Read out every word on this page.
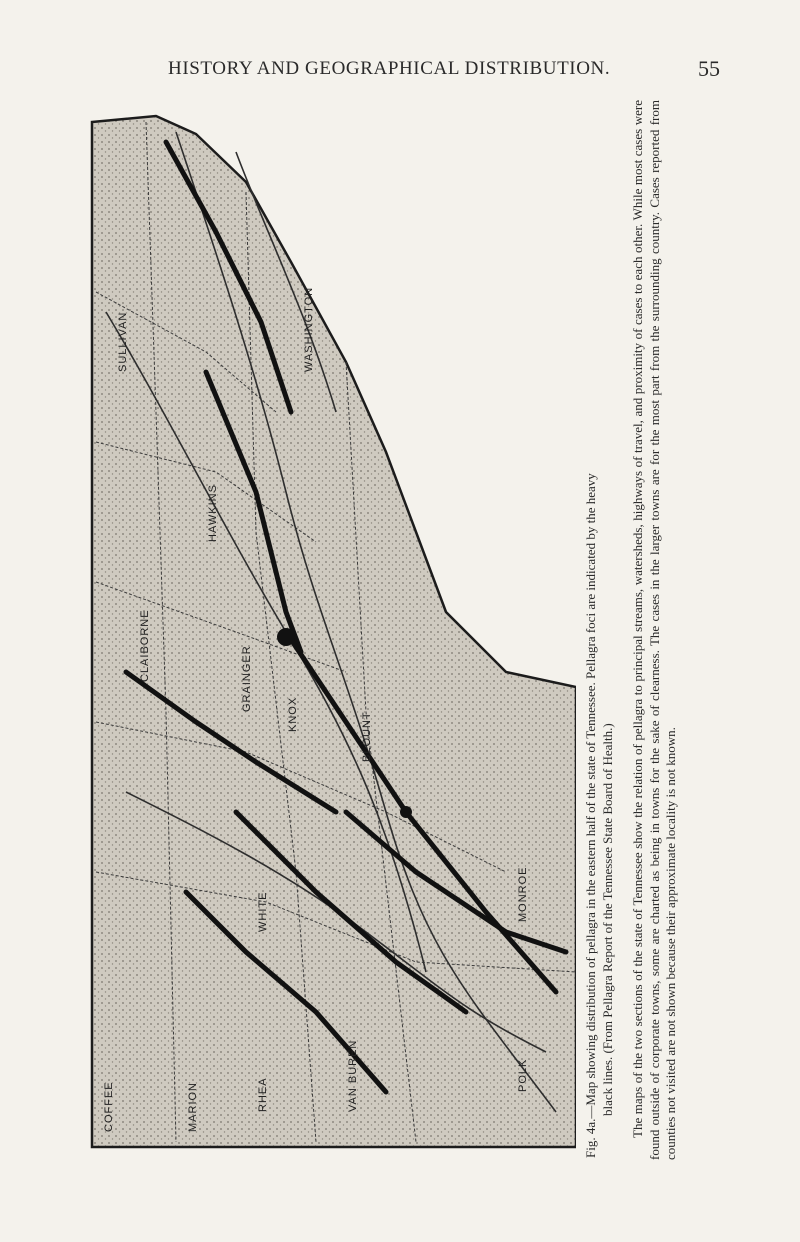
HISTORY AND GEOGRAPHICAL DISTRIBUTION.	55
WASHINGTON
HAWKINS
CLAIBORNE	GRAINGER
BLOUNT
KNOX
MONROE
POLK
WHITE
COFFEE	VAN BUREN
SULLIVAN
RHEA
MARION	Fig. 4a.—Map showing distribution of pellagra in the eastern half of the state of Tennessee. Pellagra foci are indicated by the heavy black lines. (From Pellagra Report of the Tennessee State Board of Health.) The maps of the two sections of the state of Tennessee show the relation of pellagra to principal streams, watersheds, highways of travel, and proximity of cases to each other. While most cases were found outside of corporate towns, some are charted as being in towns for the sake of clearness. The cases in the larger towns are for the most part from the surrounding country. Cases reported from counties not visited are not shown because their approximate locality is not known.
